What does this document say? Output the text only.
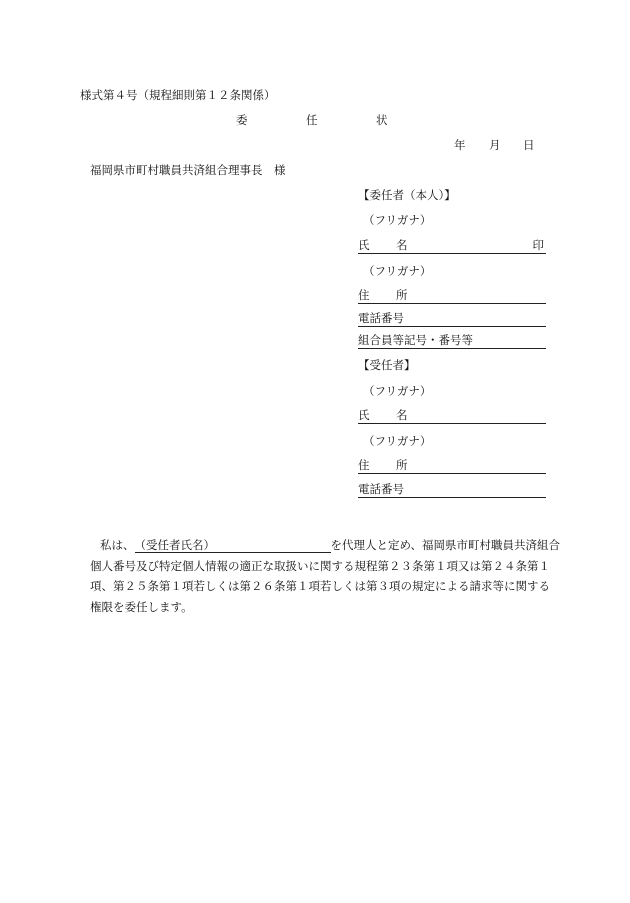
様式第４号（規程細則第１２条関係）
委	任	状
年 月 日
福岡県市町村職員共済組合理事長　様
【委任者（本人）】
（フリガナ）
氏 名	印
（フリガナ）
住 所
電話番号
組合員等記号・番号等
【受任者】
（フリガナ）
氏 名
（フリガナ）
住 所
電話番号
私は、（受任者氏名）	を代理人と定め、福岡県市町村職員共済組合
個人番号及び特定個人情報の適正な取扱いに関する規程第２３条第１項又は第２４条第１
項、第２５条第１項若しくは第２６条第１項若しくは第３項の規定による請求等に関する
権限を委任します。
